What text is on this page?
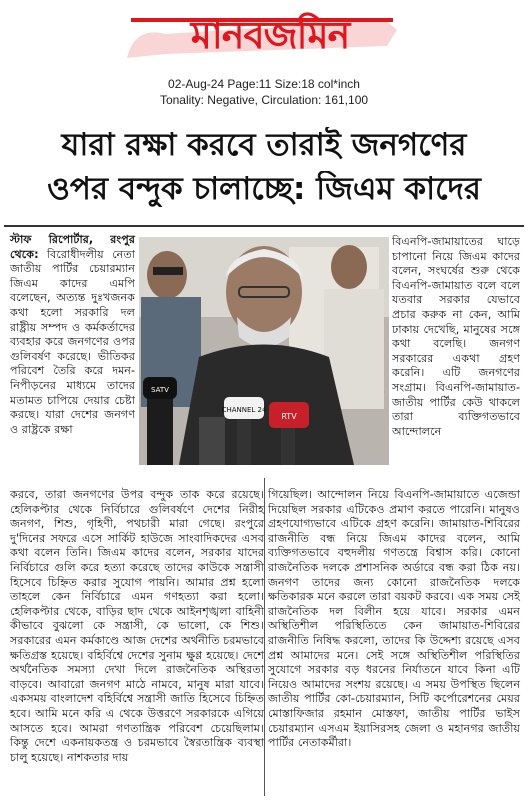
মানবজমিন
02-Aug-24 Page:11 Size:18 col*inch
Tonality: Negative, Circulation: 161,100
যারা রক্ষা করবে তারাই জনগণের
ওপর বন্দুক চালাচ্ছে: জিএম কাদের

স্টাফ রিপোর্টার, রংপুর থেকে: বিরোধীদলীয় নেতা জাতীয় পার্টির চেয়ারম্যান জিএম কাদের এমপি বলেছেন, অত্যন্ত দুঃখজনক কথা হলো সরকারি দল রাষ্ট্রীয় সম্পদ ও কর্মকর্তাদের ব্যবহার করে জনগণের ওপর গুলিবর্ষণ করেছে। ভীতিকর পরিবেশ তৈরি করে দমন-নিপীড়নের মাধ্যমে তাদের মতামত চাপিয়ে দেয়ার চেষ্টা করছে। যারা দেশের জনগণ ও রাষ্ট্রকে রক্ষা

SATV
CHANNEL 24
RTV

বিএনপি-জামায়াতের ঘাড়ে চাপানো নিয়ে জিএম কাদের বলেন, সংঘর্ষের শুরু থেকে বিএনপি-জামায়াত বলে বলে যতবার সরকার যেভাবে প্রচার করুক না কেন, আমি ঢাকায় দেখেছি, মানুষের সঙ্গে কথা বলেছি। জনগণ সরকারের একথা গ্রহণ করেনি। এটি জনগণের সংগ্রাম। বিএনপি-জামায়াত-জাতীয় পার্টির কেউ থাকলে তারা ব্যক্তিগতভাবে আন্দোলনে

করবে, তারা জনগণের উপর বন্দুক তাক করে রয়েছে। হেলিকপ্টার থেকে নির্বিচারে গুলিবর্ষণে দেশের নিরীহ জনগণ, শিশু, গৃহিণী, পথচারী মারা গেছে। রংপুরে দু'দিনের সফরে এসে সার্কিট হাউজে সাংবাদিকদের এসব কথা বলেন তিনি। জিএম কাদের বলেন, সরকার যাদের নির্বিচারে গুলি করে হত্যা করেছে তাদের কাউকে সন্ত্রাসী হিসেবে চিহ্নিত করার সুযোগ পায়নি। আমার প্রশ্ন হলো তাহলে কেন নির্বিচারে এমন গণহত্যা করা হলো। হেলিকপ্টার থেকে, বাড়ির ছাদ থেকে আইনশৃঙ্খলা বাহিনী কীভাবে বুঝলো কে সন্ত্রাসী, কে ভালো, কে শিশু। সরকারের এমন কর্মকাণ্ডে আজ দেশের অর্থনীতি চরমভাবে ক্ষতিগ্রস্ত হয়েছে। বহির্বিশ্বে দেশের সুনাম ক্ষুণ্ণ হয়েছে। দেশে অর্থনৈতিক সমস্যা দেখা দিলে রাজনৈতিক অস্থিরতা বাড়বে। আবারো জনগণ মাঠে নামবে, মানুষ মারা যাবে। একসময় বাংলাদেশ বহির্বিশ্বে সন্ত্রাসী জাতি হিসেবে চিহ্নিত হবে। আমি মনে করি এ থেকে উত্তরণে সরকারকে এগিয়ে আসতে হবে। আমরা গণতান্ত্রিক পরিবেশ চেয়েছিলাম। কিন্তু দেশে একনায়কতন্ত্র ও চরমভাবে স্বৈরতান্ত্রিক ব্যবস্থা চালু হয়েছে। নাশকতার দায়

গিয়েছিল। আন্দোলন নিয়ে বিএনপি-জামায়াতে এজেন্ডা দিয়েছিল সরকার এটিকেও প্রমাণ করতে পারেনি। মানুষও গ্রহণযোগ্যভাবে এটিকে গ্রহণ করেনি। জামায়াত-শিবিরের রাজনীতি বন্ধ নিয়ে জিএম কাদের বলেন, আমি ব্যক্তিগতভাবে বহুদলীয় গণতন্ত্রে বিশ্বাস করি। কোনো রাজনৈতিক দলকে প্রশাসনিক অর্ডারে বন্ধ করা ঠিক নয়। জনগণ তাদের জন্য কোনো রাজনৈতিক দলকে ক্ষতিকারক মনে করলে তারা বয়কট করবে। এক সময় সেই রাজনৈতিক দল বিলীন হয়ে যাবে। সরকার এমন অস্থিতিশীল পরিস্থিতিতে কেন জামায়াত-শিবিরের রাজনীতি নিষিদ্ধ করলো, তাদের কি উদ্দেশ্য রয়েছে এসব প্রশ্ন আমাদের মনে। সেই সঙ্গে অস্থিতিশীল পরিস্থিতির সুযোগে সরকার বড় ধরনের নির্যাতনে যাবে কিনা এটি নিয়েও আমাদের সংশয় রয়েছে। এ সময় উপস্থিত ছিলেন জাতীয় পার্টির কো-চেয়ারম্যান, সিটি কর্পোরেশনের মেয়র মোস্তাফিজার রহমান মোস্তফা, জাতীয় পার্টির ভাইস চেয়ারম্যান এসএম ইয়াসিরসহ জেলা ও মহানগর জাতীয় পার্টির নেতাকর্মীরা।
